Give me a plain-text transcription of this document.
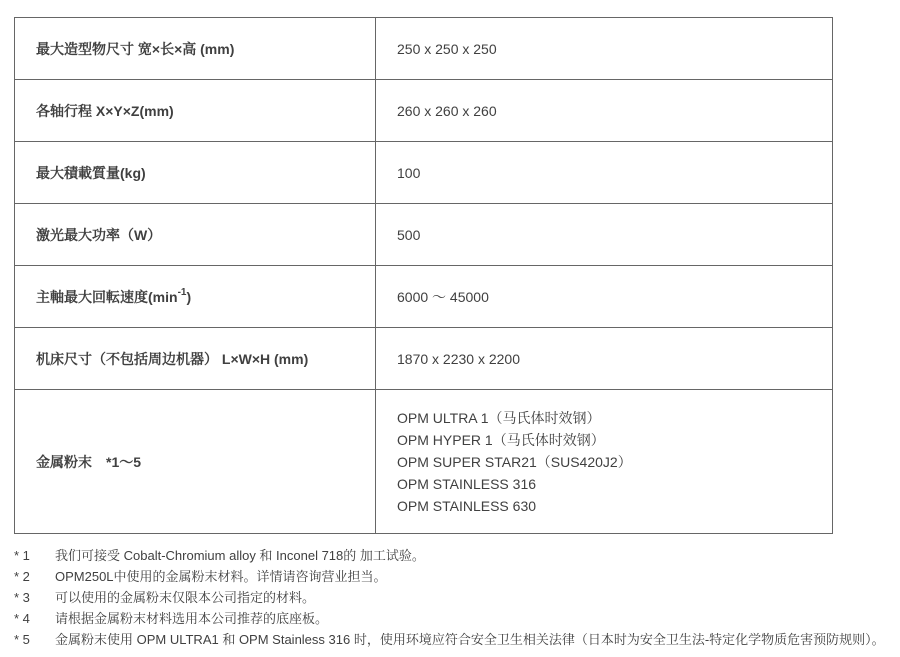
最大造型物尺寸 宽×长×高 (mm)	250 x 250 x 250
各轴行程 X×Y×Z(mm)	260 x 260 x 260
最大積載質量(kg)	100
激光最大功率（W）	500
主軸最大回転速度$(\min^{-1})$	6000 ～ 45000
机床尺寸（不包括周边机器） L×W×H (mm)	1870 x 2230 x 2200
金属粉末　*1～5	OPM ULTRA 1（马氏体时效钢）
OPM HYPER 1（马氏体时效钢）
OPM SUPER STAR21（SUS420J2）
OPM STAINLESS 316
OPM STAINLESS 630
* 1	我们可接受 Cobalt-Chromium alloy 和 Inconel 718的 加工试验。
* 2	OPM250L中使用的金属粉末材料。详情请咨询营业担当。
* 3	可以使用的金属粉末仅限本公司指定的材料。
* 4	请根据金属粉末材料选用本公司推荐的底座板。
* 5	金属粉末使用 OPM ULTRA1 和 OPM Stainless 316 时，使用环境应符合安全卫生相关法律（日本时为安全卫生法-特定化学物质危害预防规则）。
